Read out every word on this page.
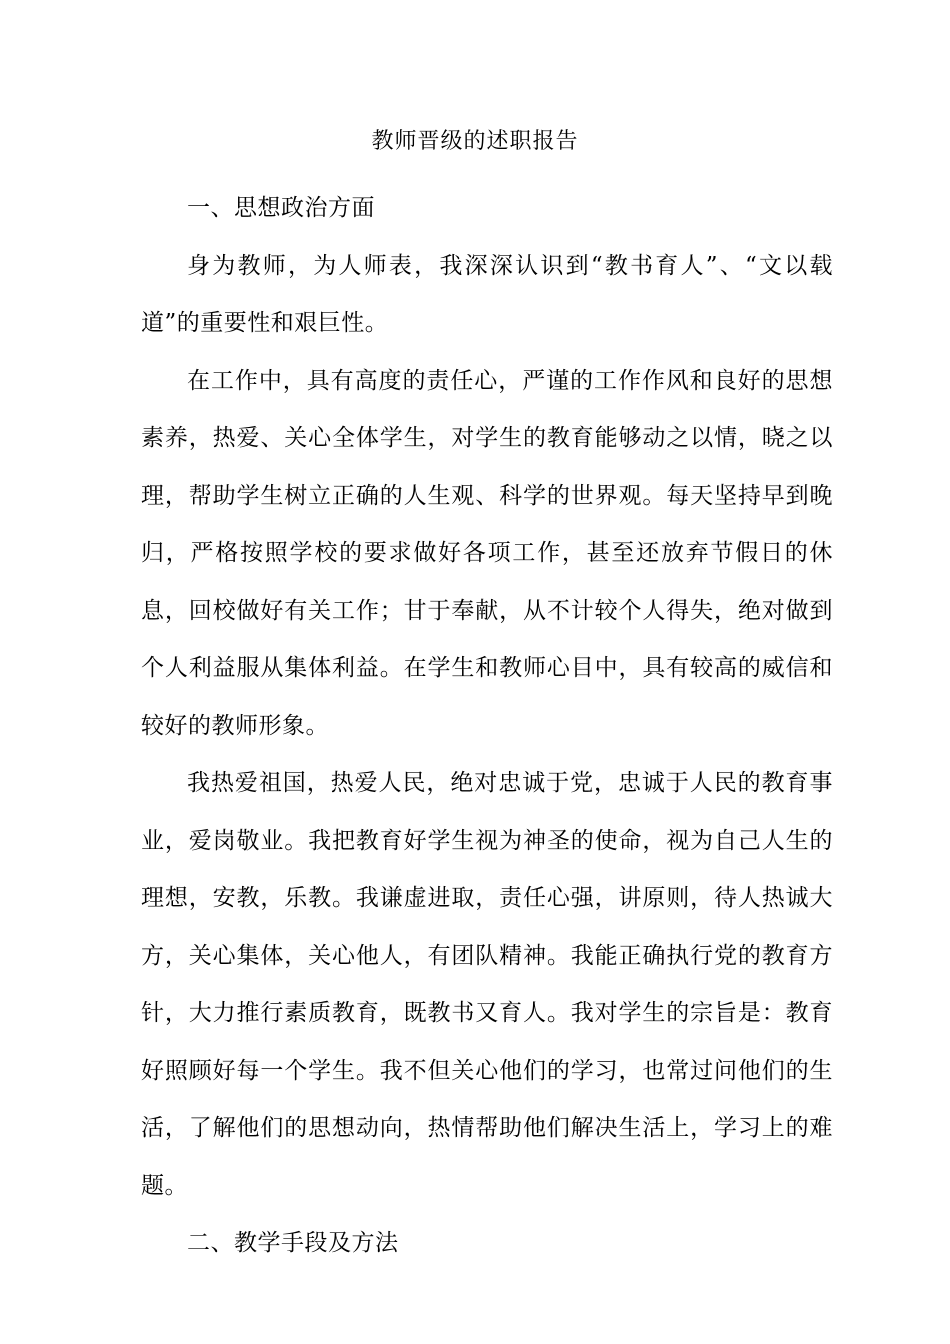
教师晋级的述职报告

一、思想政治方面

身为教师，为人师表，我深深认识到“教书育人”、“文以载道”的重要性和艰巨性。

在工作中，具有高度的责任心，严谨的工作作风和良好的思想素养，热爱、关心全体学生，对学生的教育能够动之以情，晓之以理，帮助学生树立正确的人生观、科学的世界观。每天坚持早到晚归，严格按照学校的要求做好各项工作，甚至还放弃节假日的休息，回校做好有关工作；甘于奉献，从不计较个人得失，绝对做到个人利益服从集体利益。在学生和教师心目中，具有较高的威信和较好的教师形象。

我热爱祖国，热爱人民，绝对忠诚于党，忠诚于人民的教育事业，爱岗敬业。我把教育好学生视为神圣的使命，视为自己人生的理想，安教，乐教。我谦虚进取，责任心强，讲原则，待人热诚大方，关心集体，关心他人，有团队精神。我能正确执行党的教育方针，大力推行素质教育，既教书又育人。我对学生的宗旨是：教育好照顾好每一个学生。我不但关心他们的学习，也常过问他们的生活，了解他们的思想动向，热情帮助他们解决生活上，学习上的难题。

二、教学手段及方法
